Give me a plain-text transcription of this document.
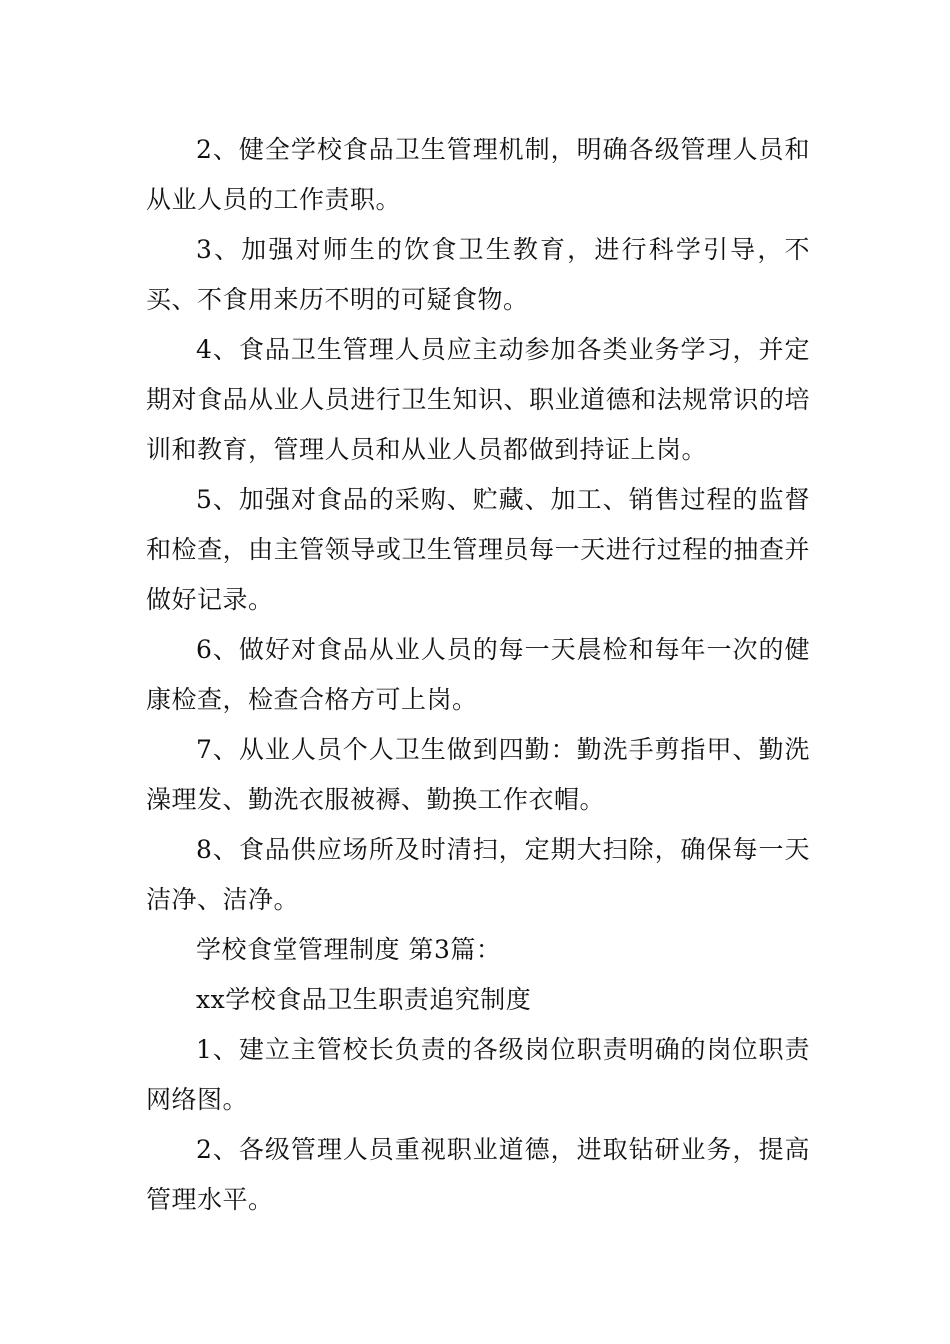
2、健全学校食品卫生管理机制，明确各级管理人员和从业人员的工作责职。

3、加强对师生的饮食卫生教育，进行科学引导，不买、不食用来历不明的可疑食物。

4、食品卫生管理人员应主动参加各类业务学习，并定期对食品从业人员进行卫生知识、职业道德和法规常识的培训和教育，管理人员和从业人员都做到持证上岗。

5、加强对食品的采购、贮藏、加工、销售过程的监督和检查，由主管领导或卫生管理员每一天进行过程的抽查并做好记录。

6、做好对食品从业人员的每一天晨检和每年一次的健康检查，检查合格方可上岗。

7、从业人员个人卫生做到四勤：勤洗手剪指甲、勤洗澡理发、勤洗衣服被褥、勤换工作衣帽。

8、食品供应场所及时清扫，定期大扫除，确保每一天洁净、洁净。

学校食堂管理制度 第3篇：

xx学校食品卫生职责追究制度

1、建立主管校长负责的各级岗位职责明确的岗位职责网络图。

2、各级管理人员重视职业道德，进取钻研业务，提高管理水平。
